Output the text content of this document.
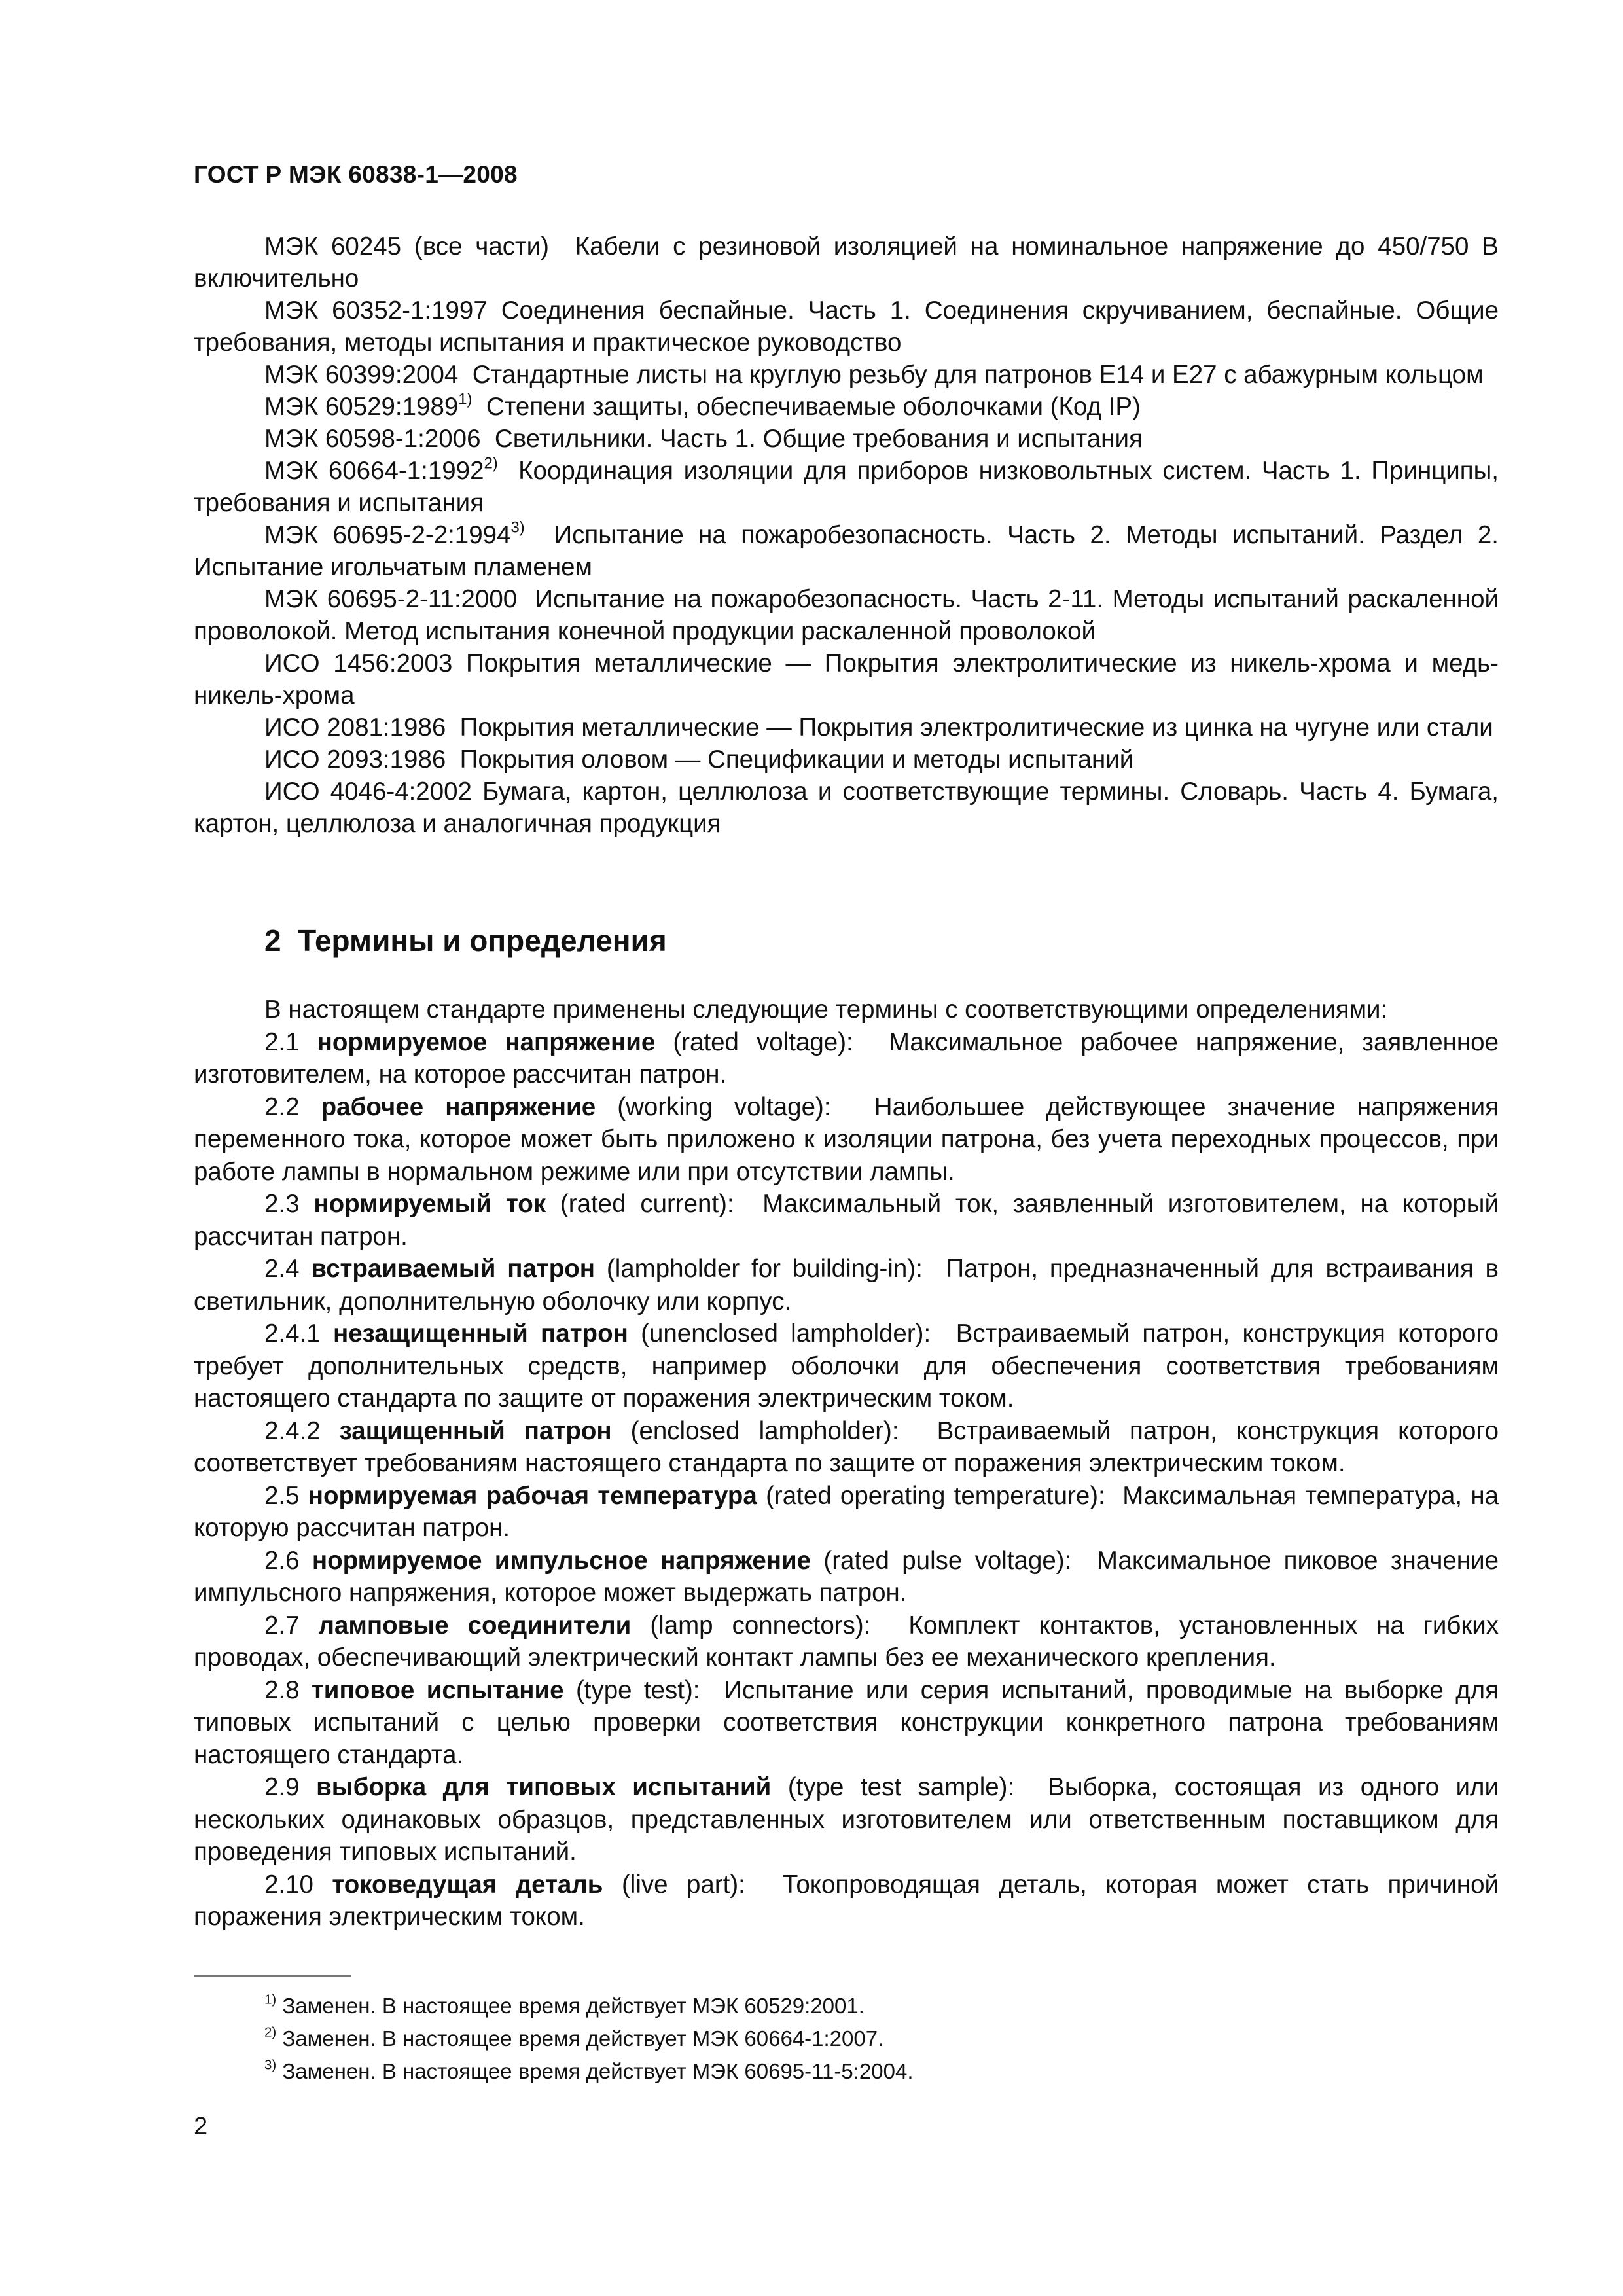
ГОСТ Р МЭК 60838-1—2008

МЭК 60245 (все части) Кабели с резиновой изоляцией на номинальное напряжение до 450/750 В включительно

МЭК 60352-1:1997 Соединения беспайные. Часть 1. Соединения скручиванием, беспайные. Общие требования, методы испытания и практическое руководство

МЭК 60399:2004 Стандартные листы на круглую резьбу для патронов Е14 и Е27 с абажурным кольцом

МЭК 60529:1989$^{1)}$ Степени защиты, обеспечиваемые оболочками (Код IP)

МЭК 60598-1:2006 Светильники. Часть 1. Общие требования и испытания

МЭК 60664-1:1992$^{2)}$ Координация изоляции для приборов низковольтных систем. Часть 1. Принципы, требования и испытания

МЭК 60695-2-2:1994$^{3)}$ Испытание на пожаробезопасность. Часть 2. Методы испытаний. Раздел 2. Испытание игольчатым пламенем

МЭК 60695-2-11:2000 Испытание на пожаробезопасность. Часть 2-11. Методы испытаний раскаленной проволокой. Метод испытания конечной продукции раскаленной проволокой

ИСО 1456:2003 Покрытия металлические — Покрытия электролитические из никель-хрома и медь-никель-хрома

ИСО 2081:1986 Покрытия металлические — Покрытия электролитические из цинка на чугуне или стали

ИСО 2093:1986 Покрытия оловом — Спецификации и методы испытаний

ИСО 4046-4:2002 Бумага, картон, целлюлоза и соответствующие термины. Словарь. Часть 4. Бумага, картон, целлюлоза и аналогичная продукция

2 Термины и определения

В настоящем стандарте применены следующие термины с соответствующими определениями:

2.1 нормируемое напряжение (rated voltage): Максимальное рабочее напряжение, заявленное изготовителем, на которое рассчитан патрон.

2.2 рабочее напряжение (working voltage): Наибольшее действующее значение напряжения переменного тока, которое может быть приложено к изоляции патрона, без учета переходных процессов, при работе лампы в нормальном режиме или при отсутствии лампы.

2.3 нормируемый ток (rated current): Максимальный ток, заявленный изготовителем, на который рассчитан патрон.

2.4 встраиваемый патрон (lampholder for building-in): Патрон, предназначенный для встраивания в светильник, дополнительную оболочку или корпус.

2.4.1 незащищенный патрон (unenclosed lampholder): Встраиваемый патрон, конструкция которого требует дополнительных средств, например оболочки для обеспечения соответствия требованиям настоящего стандарта по защите от поражения электрическим током.

2.4.2 защищенный патрон (enclosed lampholder): Встраиваемый патрон, конструкция которого соответствует требованиям настоящего стандарта по защите от поражения электрическим током.

2.5 нормируемая рабочая температура (rated operating temperature): Максимальная температура, на которую рассчитан патрон.

2.6 нормируемое импульсное напряжение (rated pulse voltage): Максимальное пиковое значение импульсного напряжения, которое может выдержать патрон.

2.7 ламповые соединители (lamp connectors): Комплект контактов, установленных на гибких проводах, обеспечивающий электрический контакт лампы без ее механического крепления.

2.8 типовое испытание (type test): Испытание или серия испытаний, проводимые на выборке для типовых испытаний с целью проверки соответствия конструкции конкретного патрона требованиям настоящего стандарта.

2.9 выборка для типовых испытаний (type test sample): Выборка, состоящая из одного или нескольких одинаковых образцов, представленных изготовителем или ответственным поставщиком для проведения типовых испытаний.

2.10 токоведущая деталь (live part): Токопроводящая деталь, которая может стать причиной поражения электрическим током.

$^{1)}$ Заменен. В настоящее время действует МЭК 60529:2001.
$^{2)}$ Заменен. В настоящее время действует МЭК 60664-1:2007.
$^{3)}$ Заменен. В настоящее время действует МЭК 60695-11-5:2004.
2
